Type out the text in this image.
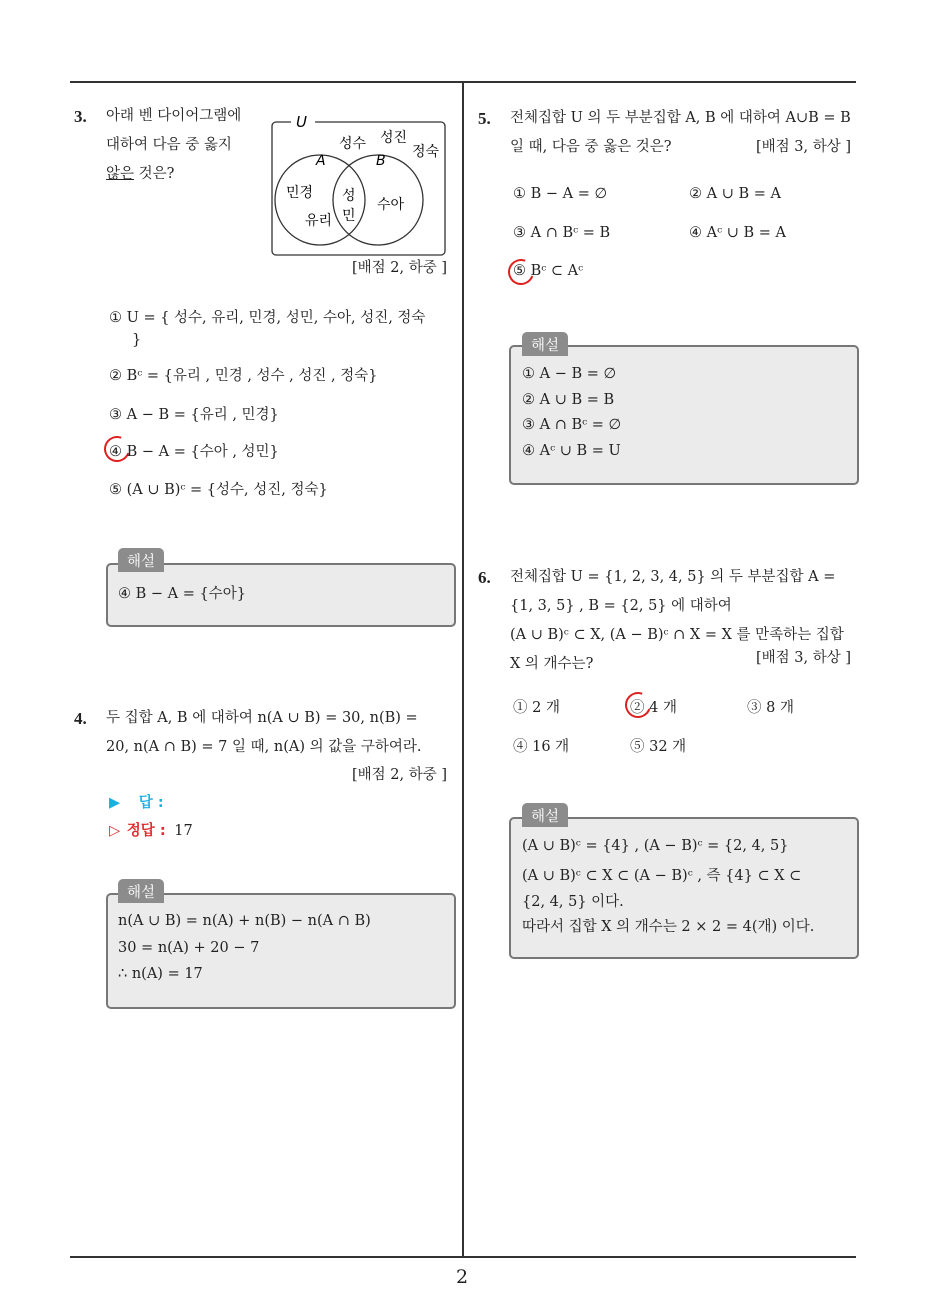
2
3. 아래 벤 다이어그램에
대하여 다음 중 옳지
않은 것은?
U
A	B
성수 성진
정숙
민경
유리
성
민
수아
[배점 2, 하중 ]
① U = { 성수, 유리, 민경, 성민, 수아, 성진, 정숙
}
② Bᶜ = {유리 , 민경 , 성수 , 성진 , 정숙}
③ A − B = {유리 , 민경}
④ B − A = {수아 , 성민}
⑤ (A ∪ B)ᶜ = {성수, 성진, 정숙}
해설
④ B − A = {수아}
4. 두 집합 A, B 에 대하여 n(A ∪ B) = 30, n(B) =
20, n(A ∩ B) = 7 일 때, n(A) 의 값을 구하여라.
[배점 2, 하중 ]
▶ 답 :
▷ 정답 : 17
해설
n(A ∪ B) = n(A) + n(B) − n(A ∩ B)
30 = n(A) + 20 − 7
∴ n(A) = 17
5. 전체집합 U 의 두 부분집합 A, B 에 대하여 A∪B = B
일 때, 다음 중 옳은 것은?	[배점 3, 하상 ]
① B − A = ∅	② A ∪ B = A
③ A ∩ Bᶜ = B	④ Aᶜ ∪ B = A
⑤ Bᶜ ⊂ Aᶜ
해설
① A − B = ∅
② A ∪ B = B
③ A ∩ Bᶜ = ∅
④ Aᶜ ∪ B = U
6. 전체집합 U = {1, 2, 3, 4, 5} 의 두 부분집합 A =
{1, 3, 5} , B = {2, 5} 에 대하여
(A ∪ B)ᶜ ⊂ X, (A − B)ᶜ ∩ X = X 를 만족하는 집합
X 의 개수는?	[배점 3, 하상 ]
① 2 개	② 4 개	③ 8 개
④ 16 개	⑤ 32 개
해설
(A ∪ B)ᶜ = {4} , (A − B)ᶜ = {2, 4, 5}
(A ∪ B)ᶜ ⊂ X ⊂ (A − B)ᶜ , 즉 {4} ⊂ X ⊂
{2, 4, 5} 이다.
따라서 집합 X 의 개수는 2 × 2 = 4(개) 이다.
